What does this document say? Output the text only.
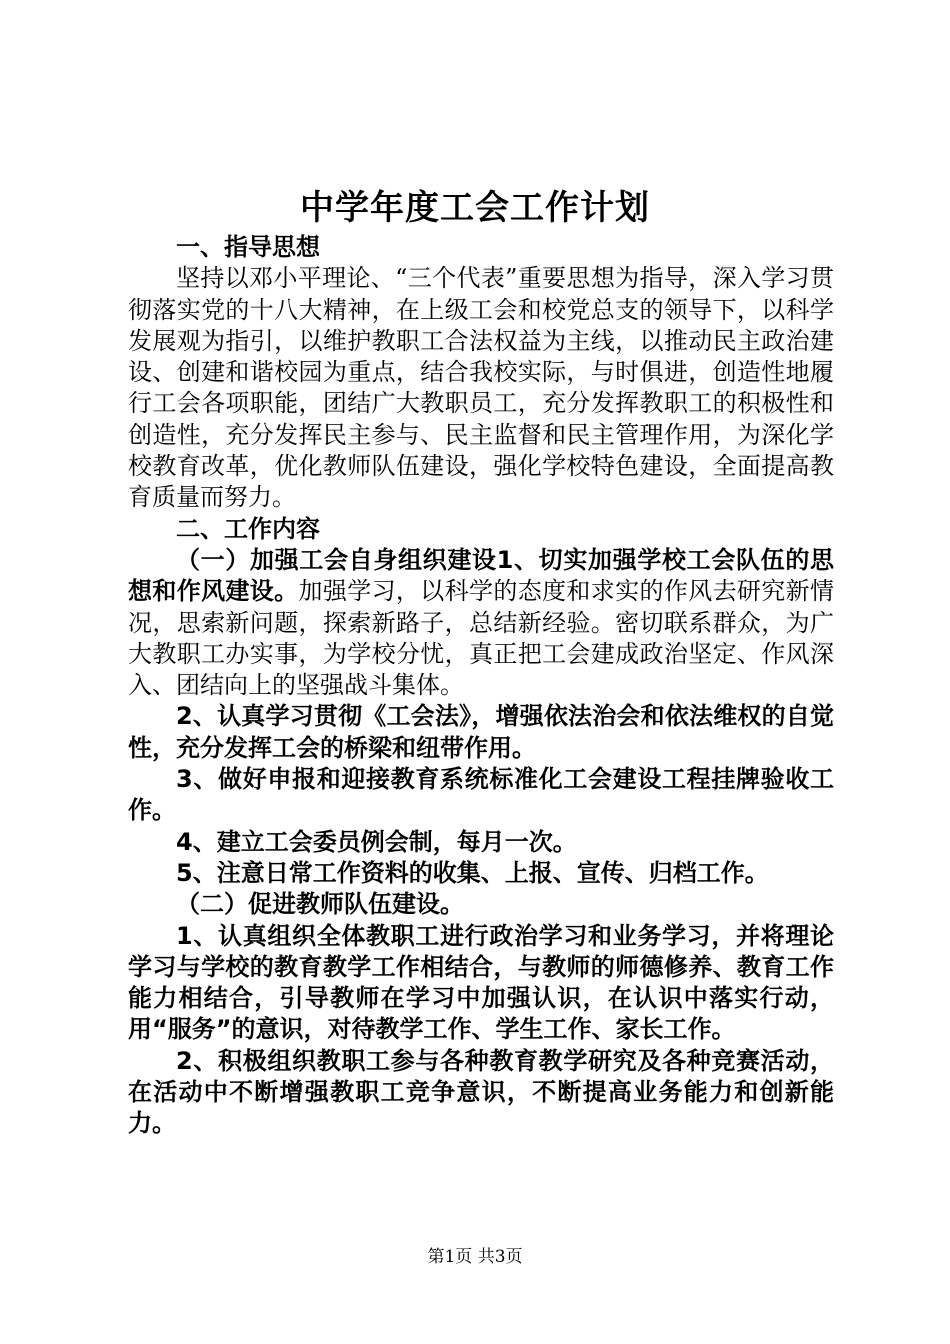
中学年度工会工作计划

一、指导思想

坚持以邓小平理论、“三个代表”重要思想为指导，深入学习贯彻落实党的十八大精神，在上级工会和校党总支的领导下，以科学发展观为指引，以维护教职工合法权益为主线，以推动民主政治建设、创建和谐校园为重点，结合我校实际，与时俱进，创造性地履行工会各项职能，团结广大教职员工，充分发挥教职工的积极性和创造性，充分发挥民主参与、民主监督和民主管理作用，为深化学校教育改革，优化教师队伍建设，强化学校特色建设，全面提高教育质量而努力。

二、工作内容

（一）加强工会自身组织建设1、切实加强学校工会队伍的思想和作风建设。加强学习，以科学的态度和求实的作风去研究新情况，思索新问题，探索新路子，总结新经验。密切联系群众，为广大教职工办实事，为学校分忧，真正把工会建成政治坚定、作风深入、团结向上的坚强战斗集体。

2、认真学习贯彻《工会法》，增强依法治会和依法维权的自觉性，充分发挥工会的桥梁和纽带作用。

3、做好申报和迎接教育系统标准化工会建设工程挂牌验收工作。

4、建立工会委员例会制，每月一次。

5、注意日常工作资料的收集、上报、宣传、归档工作。

（二）促进教师队伍建设。

1、认真组织全体教职工进行政治学习和业务学习，并将理论学习与学校的教育教学工作相结合，与教师的师德修养、教育工作能力相结合，引导教师在学习中加强认识，在认识中落实行动，用“服务”的意识，对待教学工作、学生工作、家长工作。

2、积极组织教职工参与各种教育教学研究及各种竞赛活动，在活动中不断增强教职工竞争意识，不断提高业务能力和创新能力。

第1页 共3页
